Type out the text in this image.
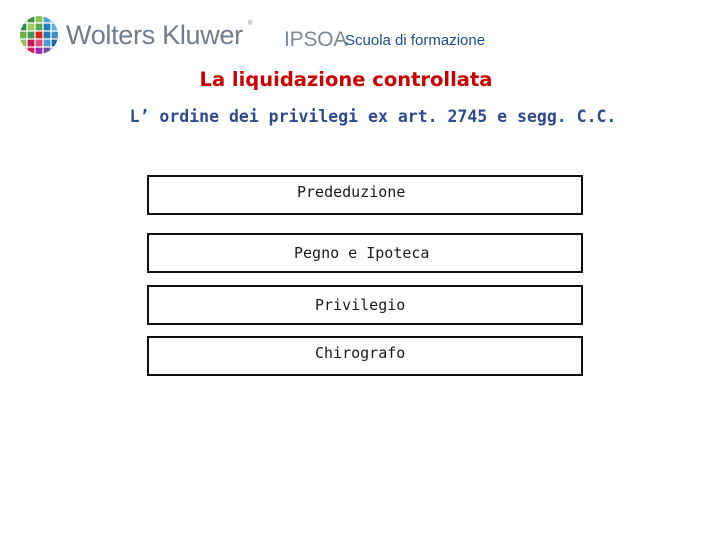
Wolters Kluwer ®
IPSOA
Scuola di formazione
La liquidazione controllata
L’ ordine dei privilegi ex art. 2745 e segg. C.C.
Prededuzione
Pegno e Ipoteca
Privilegio
Chirografo
